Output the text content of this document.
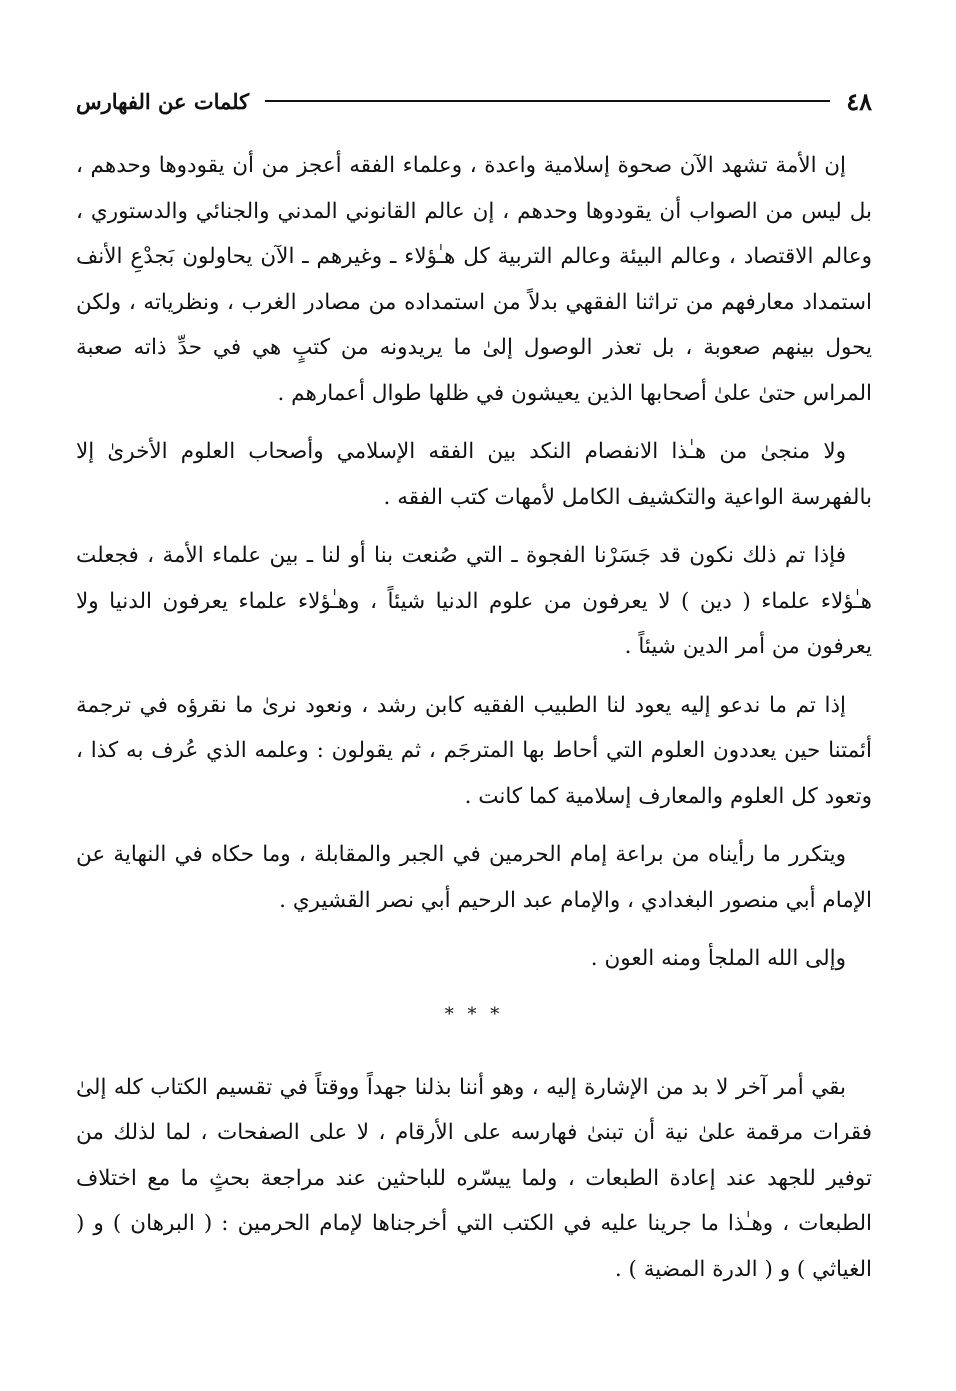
٤٨
كلمات عن الفهارس

إن الأمة تشهد الآن صحوة إسلامية واعدة ، وعلماء الفقه أعجز من أن يقودوها وحدهم ، بل ليس من الصواب أن يقودوها وحدهم ، إن عالم القانوني المدني والجنائي والدستوري ، وعالم الاقتصاد ، وعالم البيئة وعالم التربية كل هـٰؤلاء ـ وغيرهم ـ الآن يحاولون بَجدْعِ الأنف استمداد معارفهم من تراثنا الفقهي بدلاً من استمداده من مصادر الغرب ، ونظرياته ، ولكن يحول بينهم صعوبة ، بل تعذر الوصول إلىٰ ما يريدونه من كتبٍ هي في حدِّ ذاته صعبة المراس حتىٰ علىٰ أصحابها الذين يعيشون في ظلها طوال أعمارهم .

ولا منجىٰ من هـٰذا الانفصام النكد بين الفقه الإسلامي وأصحاب العلوم الأخرىٰ إلا بالفهرسة الواعية والتكشيف الكامل لأمهات كتب الفقه .

فإذا تم ذلك نكون قد جَسَرْنا الفجوة ـ التي صُنعت بنا أو لنا ـ بين علماء الأمة ، فجعلت هـٰؤلاء علماء ( دين ) لا يعرفون من علوم الدنيا شيئاً ، وهـٰؤلاء علماء يعرفون الدنيا ولا يعرفون من أمر الدين شيئاً .

إذا تم ما ندعو إليه يعود لنا الطبيب الفقيه كابن رشد ، ونعود نرىٰ ما نقرؤه في ترجمة أئمتنا حين يعددون العلوم التي أحاط بها المترجَم ، ثم يقولون : وعلمه الذي عُرف به كذا ، وتعود كل العلوم والمعارف إسلامية كما كانت .

ويتكرر ما رأيناه من براعة إمام الحرمين في الجبر والمقابلة ، وما حكاه في النهاية عن الإمام أبي منصور البغدادي ، والإمام عبد الرحيم أبي نصر القشيري .

وإلى الله الملجأ ومنه العون .

* * *

بقي أمر آخر لا بد من الإشارة إليه ، وهو أننا بذلنا جهداً ووقتاً في تقسيم الكتاب كله إلىٰ فقرات مرقمة علىٰ نية أن تبنىٰ فهارسه على الأرقام ، لا على الصفحات ، لما لذلك من توفير للجهد عند إعادة الطبعات ، ولما ييسّره للباحثين عند مراجعة بحثٍ ما مع اختلاف الطبعات ، وهـٰذا ما جرينا عليه في الكتب التي أخرجناها لإمام الحرمين : ( البرهان ) و ( الغياثي ) و ( الدرة المضية ) .
